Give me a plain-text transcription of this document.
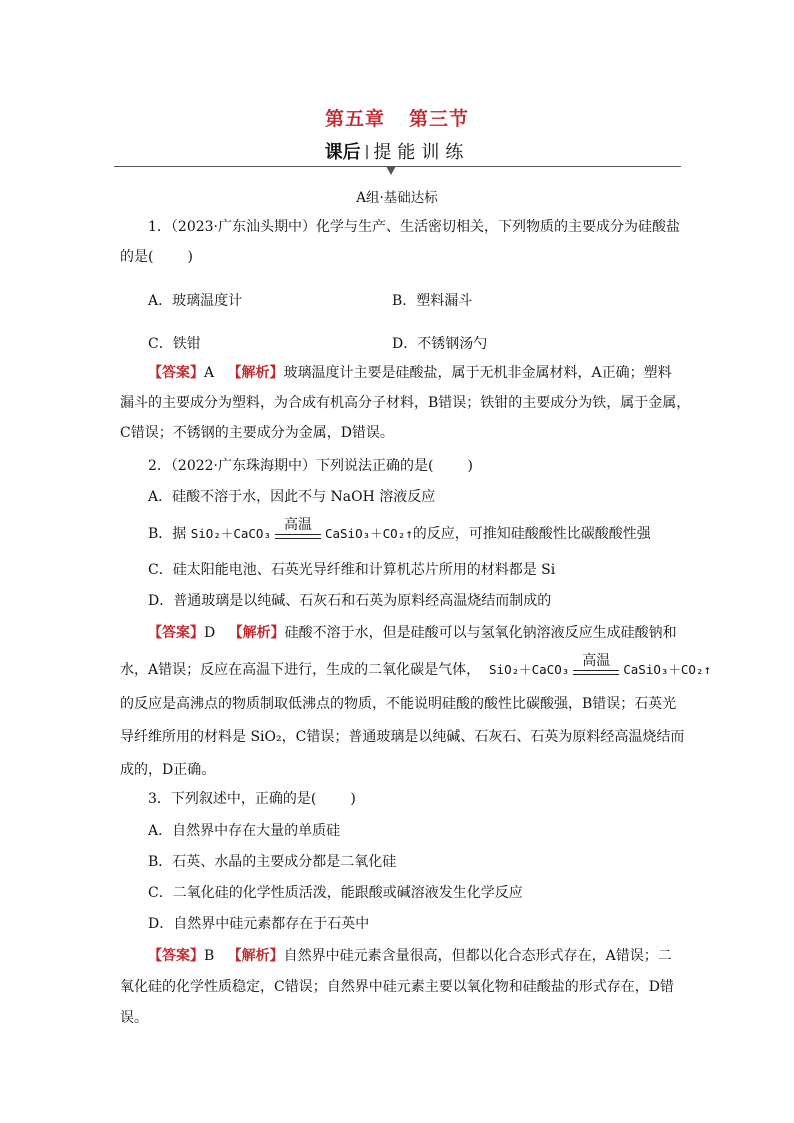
第五章 第三节
课后 | 提能训练
A组·基础达标
1．（2023·广东汕头期中）化学与生产、生活密切相关，下列物质的主要成分为硅酸盐
的是( )
A．玻璃温度计	B．塑料漏斗
C．铁钳	D．不锈钢汤勺
【答案】A 【解析】玻璃温度计主要是硅酸盐，属于无机非金属材料，A正确；塑料
漏斗的主要成分为塑料，为合成有机高分子材料，B错误；铁钳的主要成分为铁，属于金属，
C错误；不锈钢的主要成分为金属，D错误。
2．（2022·广东珠海期中）下列说法正确的是( )
A．硅酸不溶于水，因此不与 NaOH 溶液反应
B．据 SiO₂＋CaCO₃
高温
CaSiO₃＋CO₂↑的反应，可推知硅酸酸性比碳酸酸性强
C．硅太阳能电池、石英光导纤维和计算机芯片所用的材料都是 Si
D．普通玻璃是以纯碱、石灰石和石英为原料经高温烧结而制成的
【答案】D 【解析】硅酸不溶于水，但是硅酸可以与氢氧化钠溶液反应生成硅酸钠和
水，A错误；反应在高温下进行，生成的二氧化碳是气体， SiO₂＋CaCO₃
高温
CaSiO₃＋CO₂↑
的反应是高沸点的物质制取低沸点的物质，不能说明硅酸的酸性比碳酸强，B错误；石英光
导纤维所用的材料是 SiO₂，C错误；普通玻璃是以纯碱、石灰石、石英为原料经高温烧结而
成的，D正确。
3．下列叙述中，正确的是( )
A．自然界中存在大量的单质硅
B．石英、水晶的主要成分都是二氧化硅
C．二氧化硅的化学性质活泼，能跟酸或碱溶液发生化学反应
D．自然界中硅元素都存在于石英中
【答案】B 【解析】自然界中硅元素含量很高，但都以化合态形式存在，A错误；二
氧化硅的化学性质稳定，C错误；自然界中硅元素主要以氧化物和硅酸盐的形式存在，D错
误。
